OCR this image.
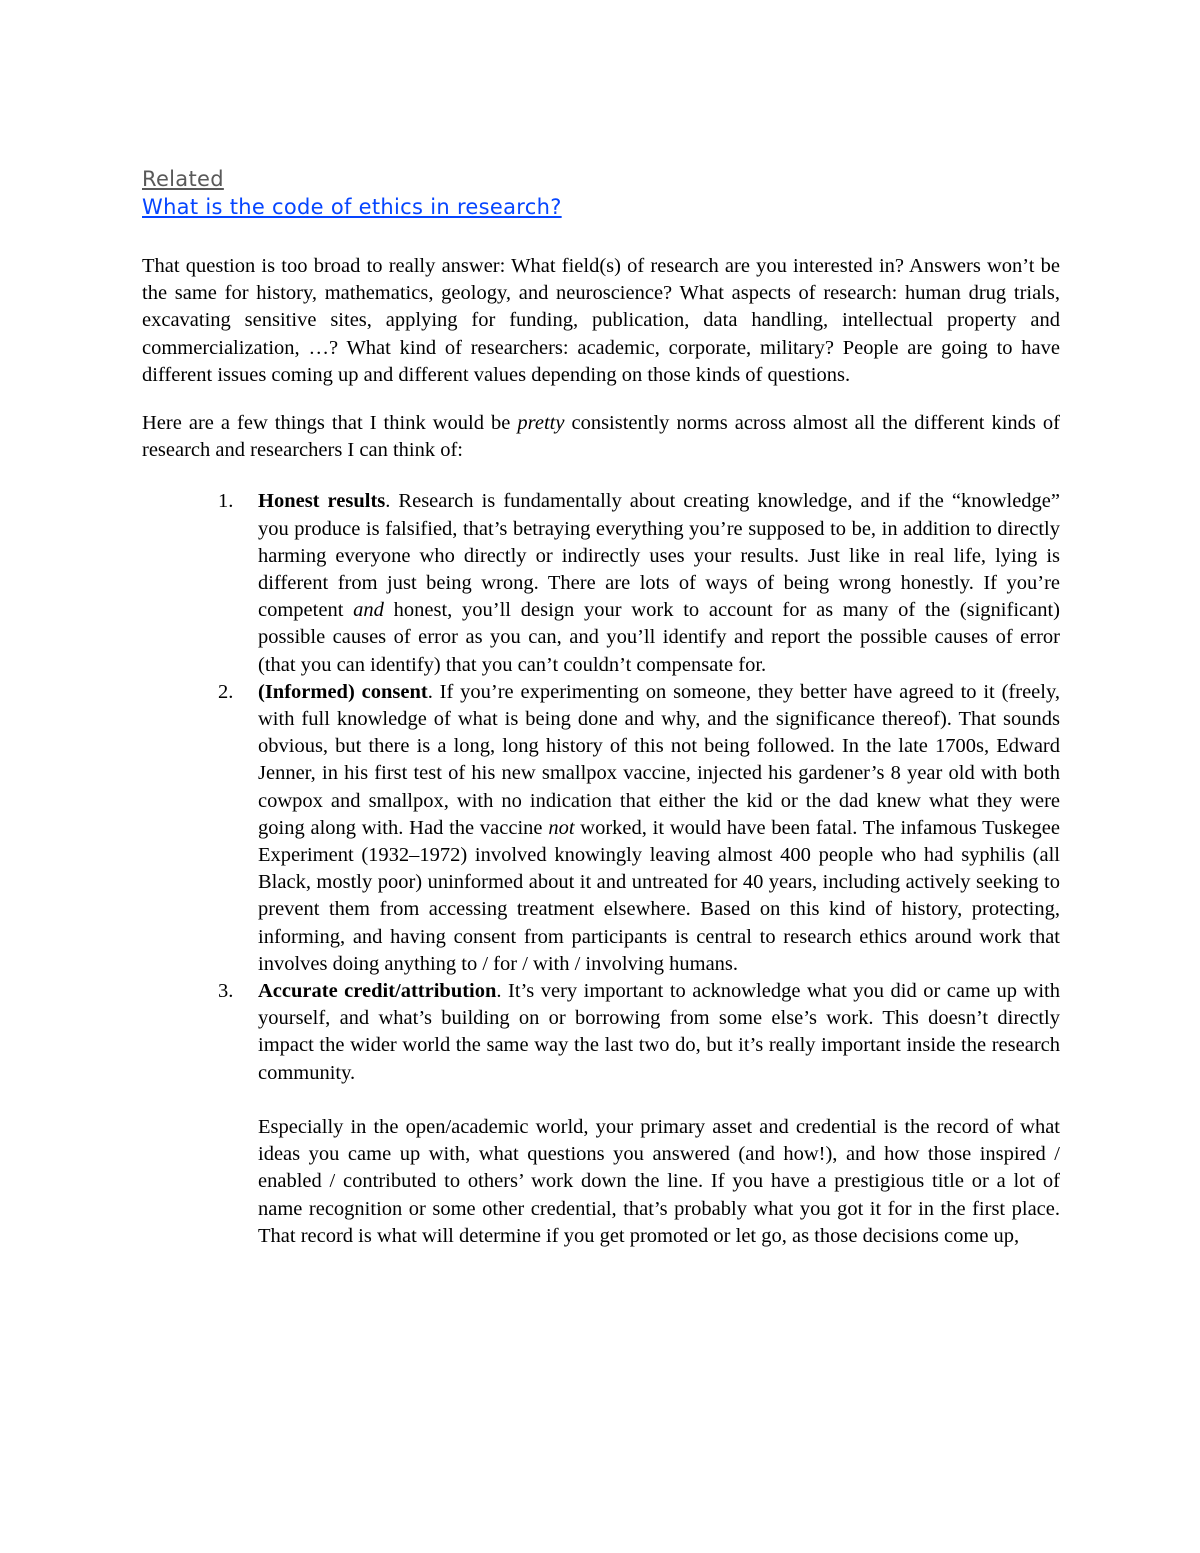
Related
What is the code of ethics in research?

That question is too broad to really answer: What field(s) of research are you interested in? Answers won’t be the same for history, mathematics, geology, and neuroscience? What aspects of research: human drug trials, excavating sensitive sites, applying for funding, publication, data handling, intellectual property and commercialization, …? What kind of researchers: academic, corporate, military? People are going to have different issues coming up and different values depending on those kinds of questions.

Here are a few things that I think would be pretty consistently norms across almost all the different kinds of research and researchers I can think of:

1. Honest results. Research is fundamentally about creating knowledge, and if the “knowledge” you produce is falsified, that’s betraying everything you’re supposed to be, in addition to directly harming everyone who directly or indirectly uses your results. Just like in real life, lying is different from just being wrong. There are lots of ways of being wrong honestly. If you’re competent and honest, you’ll design your work to account for as many of the (significant) possible causes of error as you can, and you’ll identify and report the possible causes of error (that you can identify) that you can’t couldn’t compensate for.
2. (Informed) consent. If you’re experimenting on someone, they better have agreed to it (freely, with full knowledge of what is being done and why, and the significance thereof). That sounds obvious, but there is a long, long history of this not being followed. In the late 1700s, Edward Jenner, in his first test of his new smallpox vaccine, injected his gardener’s 8 year old with both cowpox and smallpox, with no indication that either the kid or the dad knew what they were going along with. Had the vaccine not worked, it would have been fatal. The infamous Tuskegee Experiment (1932–1972) involved knowingly leaving almost 400 people who had syphilis (all Black, mostly poor) uninformed about it and untreated for 40 years, including actively seeking to prevent them from accessing treatment elsewhere. Based on this kind of history, protecting, informing, and having consent from participants is central to research ethics around work that involves doing anything to / for / with / involving humans.
3. Accurate credit/attribution. It’s very important to acknowledge what you did or came up with yourself, and what’s building on or borrowing from some else’s work. This doesn’t directly impact the wider world the same way the last two do, but it’s really important inside the research community.
Especially in the open/academic world, your primary asset and credential is the record of what ideas you came up with, what questions you answered (and how!), and how those inspired / enabled / contributed to others’ work down the line. If you have a prestigious title or a lot of name recognition or some other credential, that’s probably what you got it for in the first place. That record is what will determine if you get promoted or let go, as those decisions come up,
